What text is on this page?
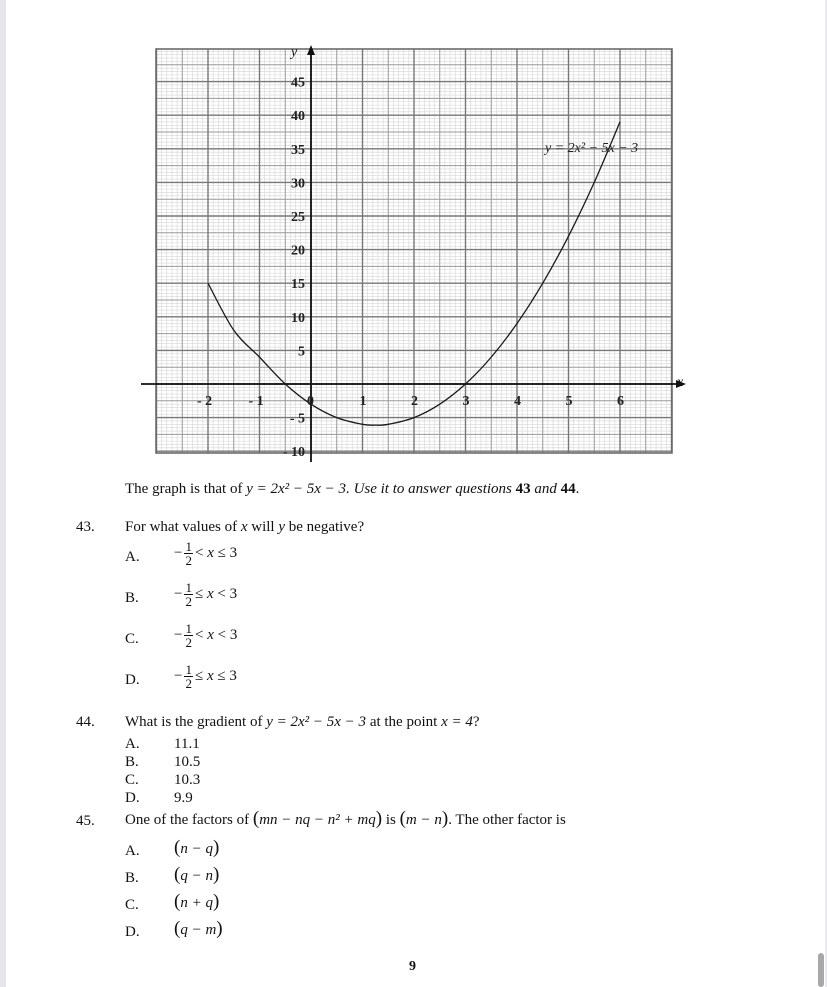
x
y
- 2	- 1	0	1	2	3	4	5	6
45
40
35
30
25
20
15
10
5
- 5
- 10
y = 2x² − 5x − 3
The graph is that of y = 2x² − 5x − 3. Use it to answer questions 43 and 44.
43. For what values of x will y be negative?
A. − $\frac{1}{2}$ <
x
≤
3
B. − $\frac{1}{2}$ ≤
x
<
3
C. − $\frac{1}{2}$ <
x
<
3
D. − $\frac{1}{2}$ ≤
x
≤
3
44. What is the gradient of y = 2x² − 5x − 3 at the point x = 4?
A. 11.1
B. 10.5
C. 10.3
D. 9.9
45. One of the factors of (mn − nq − n² + mq) is (m − n). The other factor is
A. (n − q)
B. (q − n)
C. (n + q)
D. (q − m)
9
